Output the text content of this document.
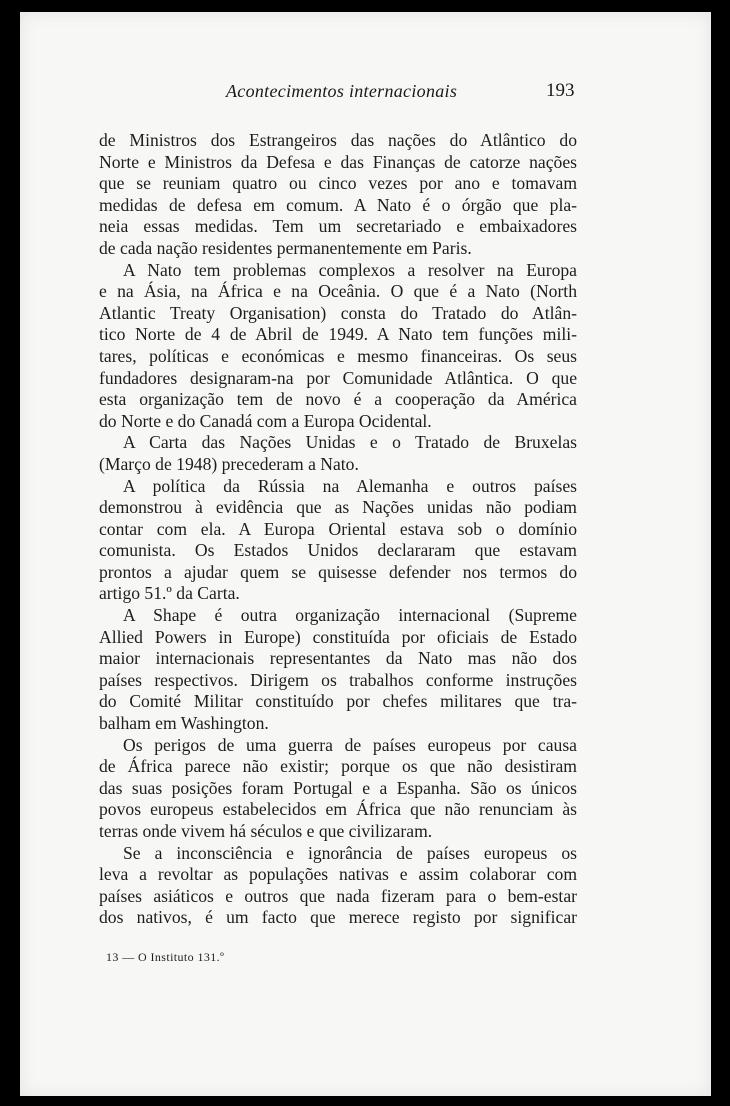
Acontecimentos internacionais	193
de Ministros dos Estrangeiros das nações do Atlântico do
Norte e Ministros da Defesa e das Finanças de catorze nações
que se reuniam quatro ou cinco vezes por ano e tomavam
medidas de defesa em comum. A Nato é o órgão que pla-
neia essas medidas. Tem um secretariado e embaixadores
de cada nação residentes permanentemente em Paris.
A Nato tem problemas complexos a resolver na Europa
e na Ásia, na África e na Oceânia. O que é a Nato (North
Atlantic Treaty Organisation) consta do Tratado do Atlân-
tico Norte de 4 de Abril de 1949. A Nato tem funções mili-
tares, políticas e económicas e mesmo financeiras. Os seus
fundadores designaram-na por Comunidade Atlântica. O que
esta organização tem de novo é a cooperação da América
do Norte e do Canadá com a Europa Ocidental.
A Carta das Nações Unidas e o Tratado de Bruxelas
(Março de 1948) precederam a Nato.
A política da Rússia na Alemanha e outros países
demonstrou à evidência que as Nações unidas não podiam
contar com ela. A Europa Oriental estava sob o domínio
comunista. Os Estados Unidos declararam que estavam
prontos a ajudar quem se quisesse defender nos termos do
artigo 51.º da Carta.
A Shape é outra organização internacional (Supreme
Allied Powers in Europe) constituída por oficiais de Estado
maior internacionais representantes da Nato mas não dos
países respectivos. Dirigem os trabalhos conforme instruções
do Comité Militar constituído por chefes militares que tra-
balham em Washington.
Os perigos de uma guerra de países europeus por causa
de África parece não existir; porque os que não desistiram
das suas posições foram Portugal e a Espanha. São os únicos
povos europeus estabelecidos em África que não renunciam às
terras onde vivem há séculos e que civilizaram.
Se a inconsciência e ignorância de países europeus os
leva a revoltar as populações nativas e assim colaborar com
países asiáticos e outros que nada fizeram para o bem-estar
dos nativos, é um facto que merece registo por significar
13 — O Instituto 131.º
